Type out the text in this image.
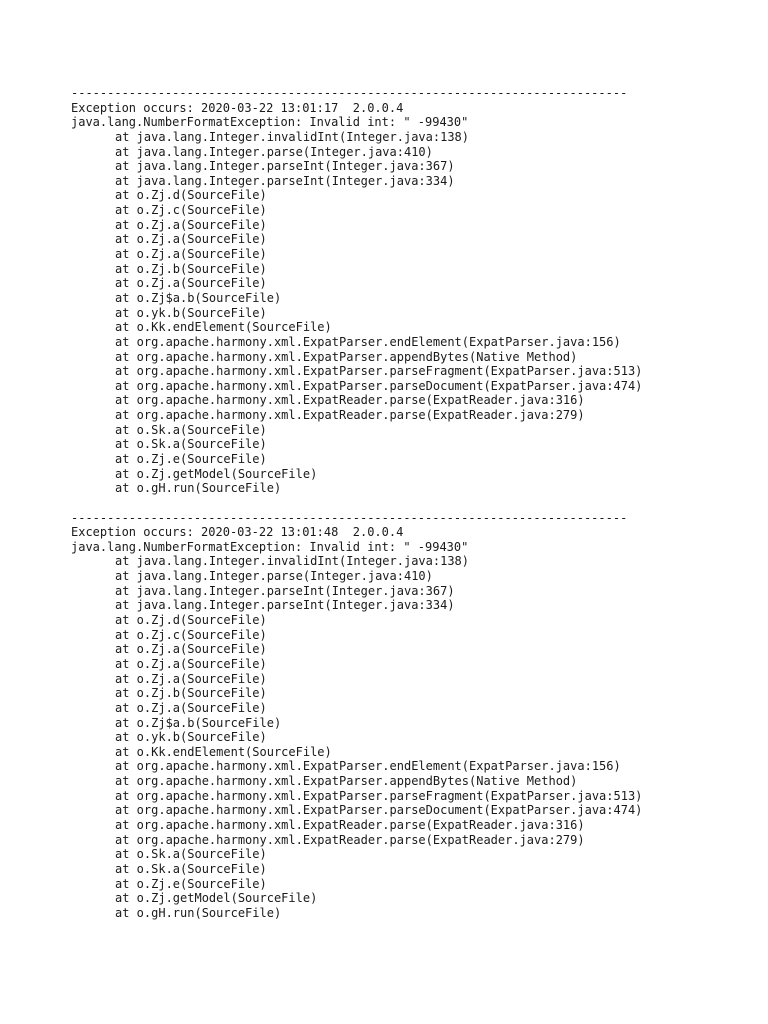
-----------------------------------------------------------------------------
Exception occurs: 2020-03-22 13:01:17  2.0.0.4
java.lang.NumberFormatException: Invalid int: " -99430"
at java.lang.Integer.invalidInt(Integer.java:138)
at java.lang.Integer.parse(Integer.java:410)
at java.lang.Integer.parseInt(Integer.java:367)
at java.lang.Integer.parseInt(Integer.java:334)
at o.Zj.d(SourceFile)
at o.Zj.c(SourceFile)
at o.Zj.a(SourceFile)
at o.Zj.a(SourceFile)
at o.Zj.a(SourceFile)
at o.Zj.b(SourceFile)
at o.Zj.a(SourceFile)
at o.Zj$a.b(SourceFile)
at o.yk.b(SourceFile)
at o.Kk.endElement(SourceFile)
at org.apache.harmony.xml.ExpatParser.endElement(ExpatParser.java:156)
at org.apache.harmony.xml.ExpatParser.appendBytes(Native Method)
at org.apache.harmony.xml.ExpatParser.parseFragment(ExpatParser.java:513)
at org.apache.harmony.xml.ExpatParser.parseDocument(ExpatParser.java:474)
at org.apache.harmony.xml.ExpatReader.parse(ExpatReader.java:316)
at org.apache.harmony.xml.ExpatReader.parse(ExpatReader.java:279)
at o.Sk.a(SourceFile)
at o.Sk.a(SourceFile)
at o.Zj.e(SourceFile)
at o.Zj.getModel(SourceFile)
at o.gH.run(SourceFile)
-----------------------------------------------------------------------------
Exception occurs: 2020-03-22 13:01:48  2.0.0.4
java.lang.NumberFormatException: Invalid int: " -99430"
at java.lang.Integer.invalidInt(Integer.java:138)
at java.lang.Integer.parse(Integer.java:410)
at java.lang.Integer.parseInt(Integer.java:367)
at java.lang.Integer.parseInt(Integer.java:334)
at o.Zj.d(SourceFile)
at o.Zj.c(SourceFile)
at o.Zj.a(SourceFile)
at o.Zj.a(SourceFile)
at o.Zj.a(SourceFile)
at o.Zj.b(SourceFile)
at o.Zj.a(SourceFile)
at o.Zj$a.b(SourceFile)
at o.yk.b(SourceFile)
at o.Kk.endElement(SourceFile)
at org.apache.harmony.xml.ExpatParser.endElement(ExpatParser.java:156)
at org.apache.harmony.xml.ExpatParser.appendBytes(Native Method)
at org.apache.harmony.xml.ExpatParser.parseFragment(ExpatParser.java:513)
at org.apache.harmony.xml.ExpatParser.parseDocument(ExpatParser.java:474)
at org.apache.harmony.xml.ExpatReader.parse(ExpatReader.java:316)
at org.apache.harmony.xml.ExpatReader.parse(ExpatReader.java:279)
at o.Sk.a(SourceFile)
at o.Sk.a(SourceFile)
at o.Zj.e(SourceFile)
at o.Zj.getModel(SourceFile)
at o.gH.run(SourceFile)
